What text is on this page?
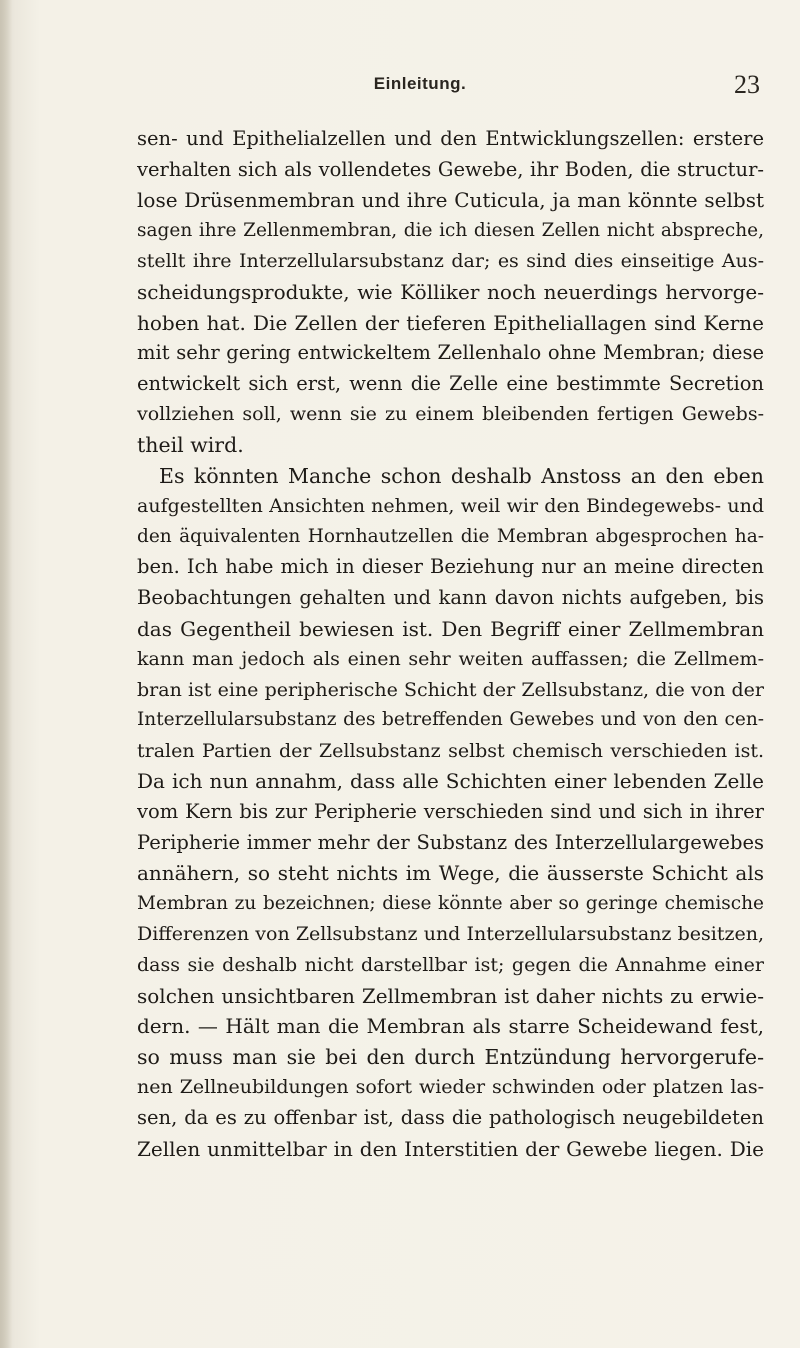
Einleitung.	23
sen- und Epithelialzellen und den Entwicklungszellen: erstere
verhalten sich als vollendetes Gewebe, ihr Boden, die structur-
lose Drüsenmembran und ihre Cuticula, ja man könnte selbst
sagen ihre Zellenmembran, die ich diesen Zellen nicht abspreche,
stellt ihre Interzellularsubstanz dar; es sind dies einseitige Aus-
scheidungsprodukte, wie Kölliker noch neuerdings hervorge-
hoben hat. Die Zellen der tieferen Epitheliallagen sind Kerne
mit sehr gering entwickeltem Zellenhalo ohne Membran; diese
entwickelt sich erst, wenn die Zelle eine bestimmte Secretion
vollziehen soll, wenn sie zu einem bleibenden fertigen Gewebs-
theil wird.
Es könnten Manche schon deshalb Anstoss an den eben
aufgestellten Ansichten nehmen, weil wir den Bindegewebs- und
den äquivalenten Hornhautzellen die Membran abgesprochen ha-
ben. Ich habe mich in dieser Beziehung nur an meine directen
Beobachtungen gehalten und kann davon nichts aufgeben, bis
das Gegentheil bewiesen ist. Den Begriff einer Zellmembran
kann man jedoch als einen sehr weiten auffassen; die Zellmem-
bran ist eine peripherische Schicht der Zellsubstanz, die von der
Interzellularsubstanz des betreffenden Gewebes und von den cen-
tralen Partien der Zellsubstanz selbst chemisch verschieden ist.
Da ich nun annahm, dass alle Schichten einer lebenden Zelle
vom Kern bis zur Peripherie verschieden sind und sich in ihrer
Peripherie immer mehr der Substanz des Interzellulargewebes
annähern, so steht nichts im Wege, die äusserste Schicht als
Membran zu bezeichnen; diese könnte aber so geringe chemische
Differenzen von Zellsubstanz und Interzellularsubstanz besitzen,
dass sie deshalb nicht darstellbar ist; gegen die Annahme einer
solchen unsichtbaren Zellmembran ist daher nichts zu erwie-
dern. — Hält man die Membran als starre Scheidewand fest,
so muss man sie bei den durch Entzündung hervorgerufe-
nen Zellneubildungen sofort wieder schwinden oder platzen las-
sen, da es zu offenbar ist, dass die pathologisch neugebildeten
Zellen unmittelbar in den Interstitien der Gewebe liegen. Die
